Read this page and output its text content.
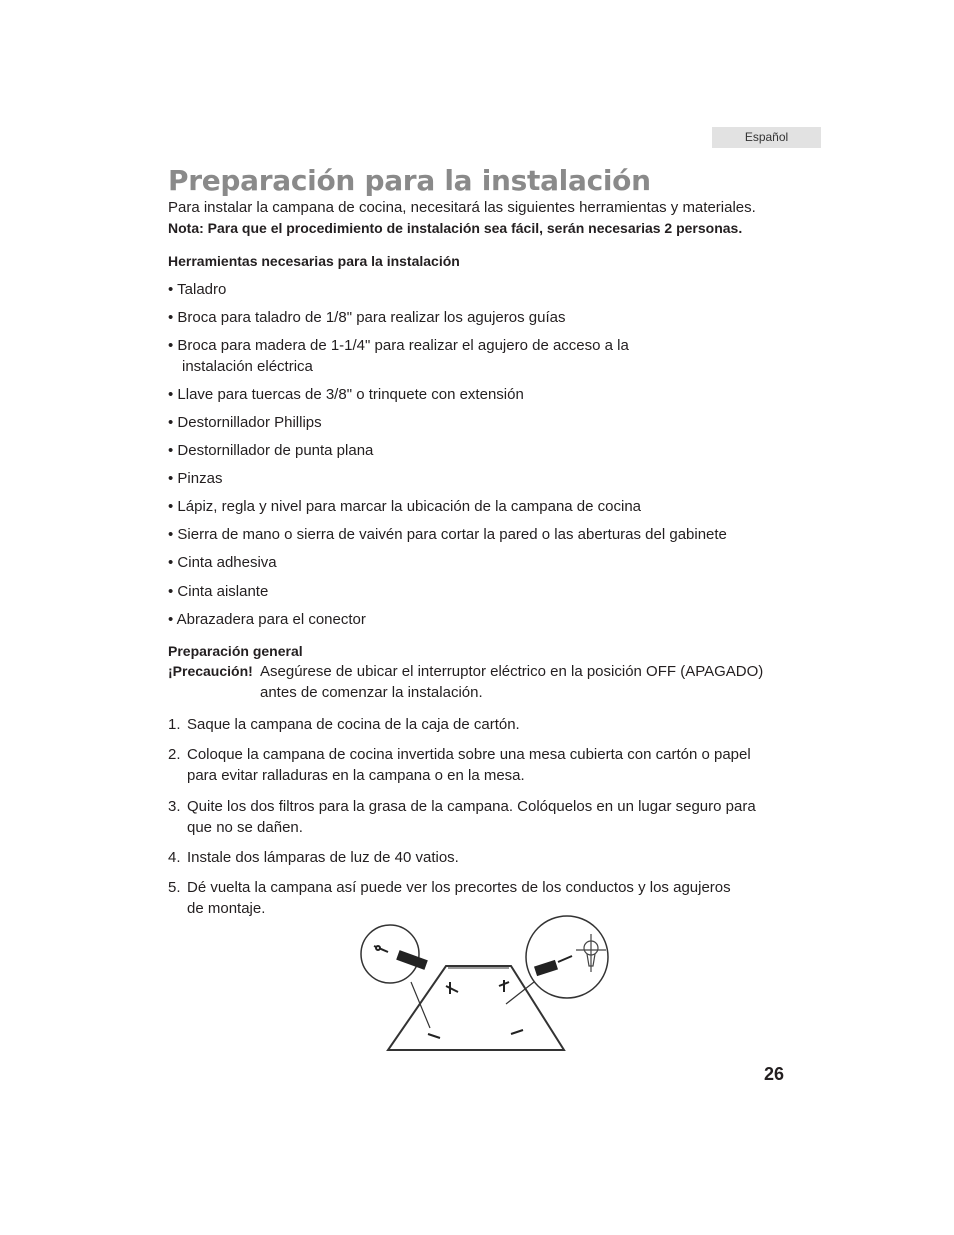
Español
Preparación para la instalación
Para instalar la campana de cocina, necesitará las siguientes herramientas y materiales.
Nota: Para que el procedimiento de instalación sea fácil, serán necesarias 2 personas.
Herramientas necesarias para la instalación
• Taladro
• Broca para taladro de 1/8" para realizar los agujeros guías
• Broca para madera de 1-1/4" para realizar el agujero de acceso a la
instalación eléctrica
• Llave para tuercas de 3/8" o trinquete con extensión
• Destornillador Phillips
• Destornillador de punta plana
• Pinzas
• Lápiz, regla y nivel para marcar la ubicación de la campana de cocina
• Sierra de mano o sierra de vaivén para cortar la pared o las aberturas del gabinete
• Cinta adhesiva
• Cinta aislante
• Abrazadera para el conector
Preparación general
¡Precaución! Asegúrese de ubicar el interruptor eléctrico en la posición OFF (APAGADO)
antes de comenzar la instalación.
1. Saque la campana de cocina de la caja de cartón.
2. Coloque la campana de cocina invertida sobre una mesa cubierta con cartón o papel
para evitar ralladuras en la campana o en la mesa.
3. Quite los dos filtros para la grasa de la campana. Colóquelos en un lugar seguro para
que no se dañen.
4. Instale dos lámparas de luz de 40 vatios.
5. Dé vuelta la campana así puede ver los precortes de los conductos y los agujeros
de montaje.
26
